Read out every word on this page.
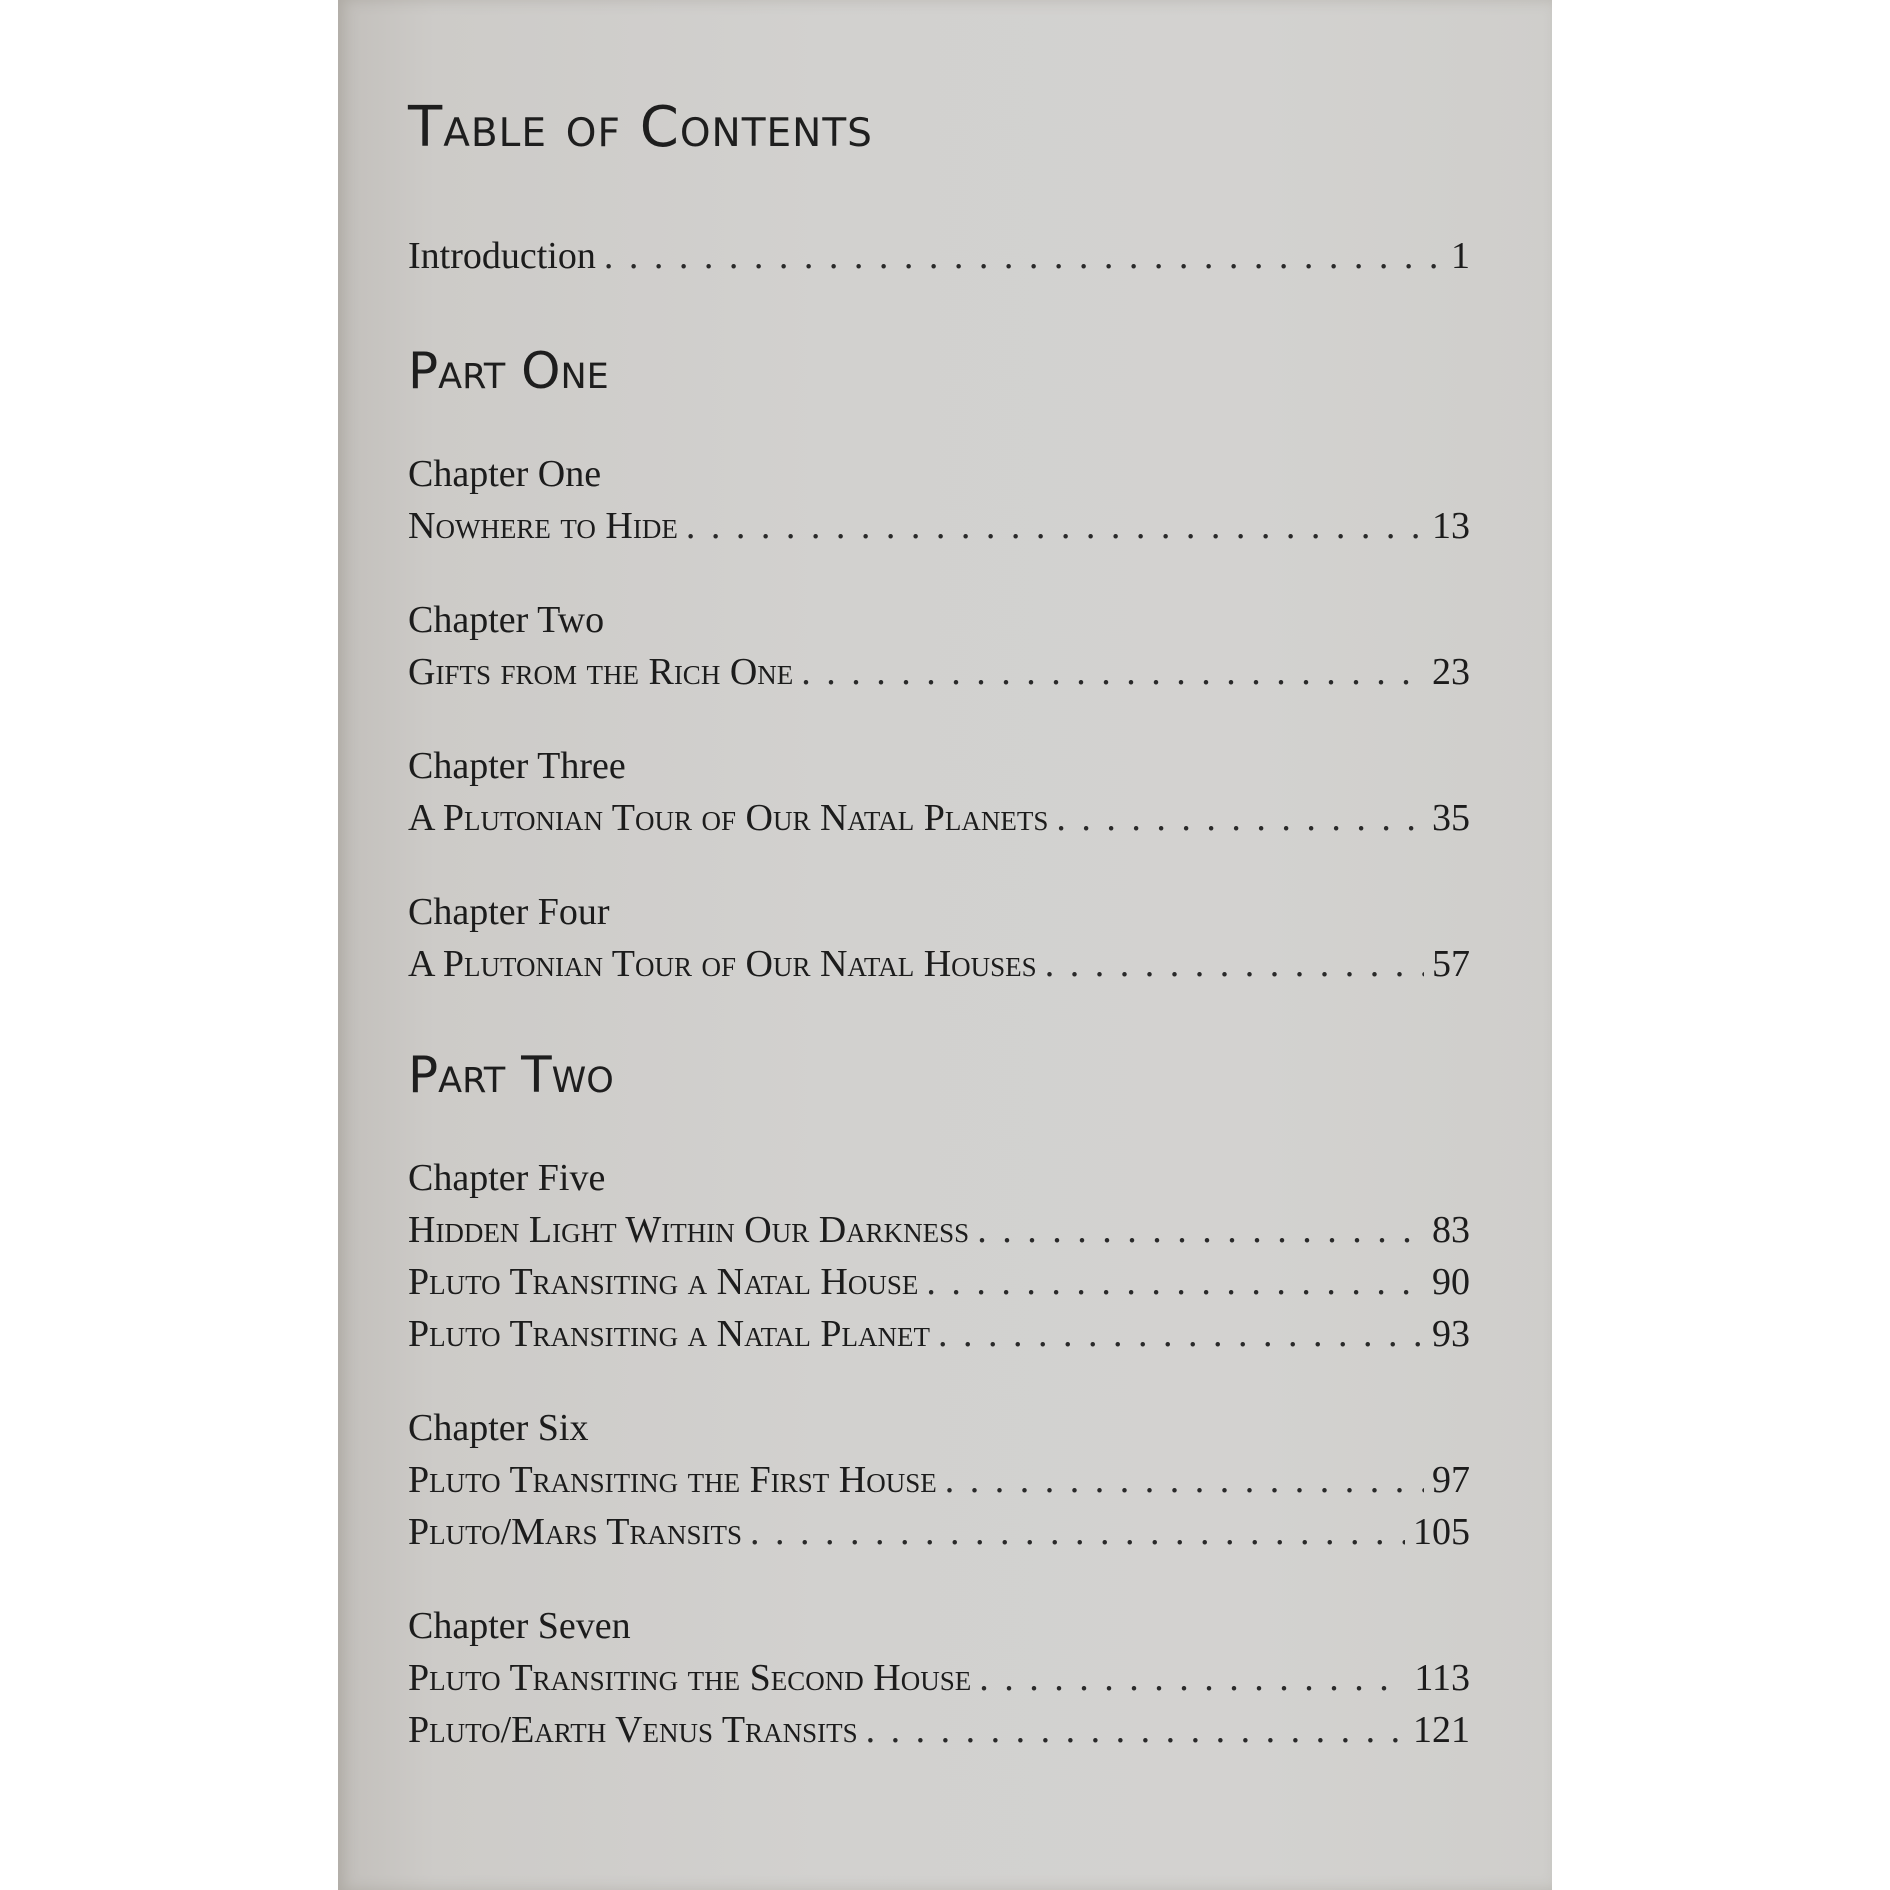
Table of Contents
Introduction . . .	1
Part One
Chapter One
Nowhere to Hide . . .	13
Chapter Two
Gifts from the Rich One . . .	23
Chapter Three
A Plutonian Tour of Our Natal Planets . . .	35
Chapter Four
A Plutonian Tour of Our Natal Houses . . .	57
Part Two
Chapter Five
Hidden Light Within Our Darkness . . .	83
Pluto Transiting a Natal House . . .	90
Pluto Transiting a Natal Planet . . .	93
Chapter Six
Pluto Transiting the First House . . .	97
Pluto/Mars Transits . . .	105
Chapter Seven
Pluto Transiting the Second House . . .	113
Pluto/Earth Venus Transits . . .	121
